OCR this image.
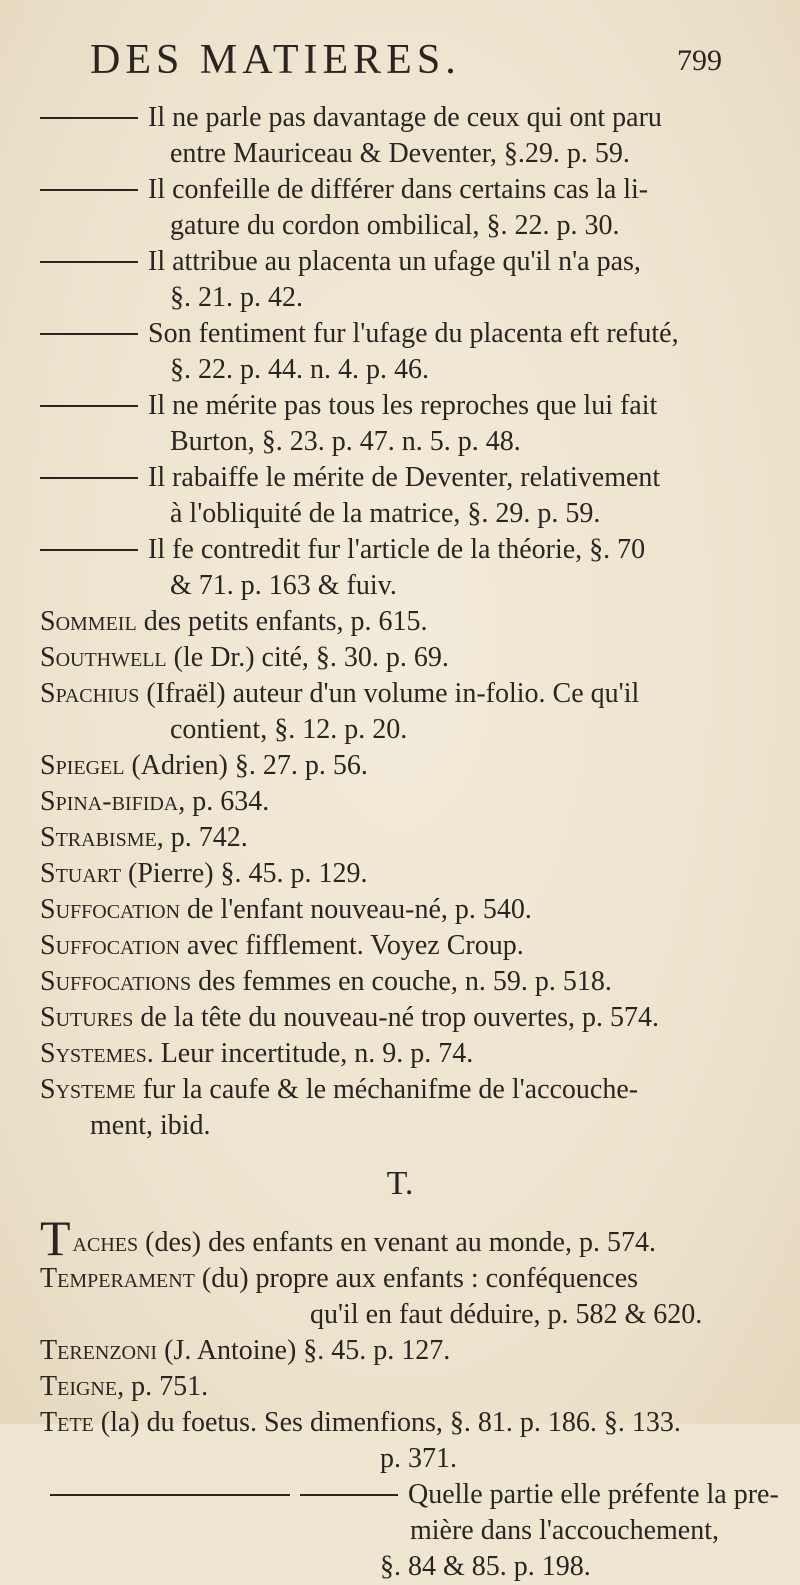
DES MATIERES.	799
Il ne parle pas davantage de ceux qui ont paru
entre Mauriceau & Deventer, §.29. p. 59.
Il confeille de différer dans certains cas la li-
gature du cordon ombilical, §. 22. p. 30.
Il attribue au placenta un ufage qu'il n'a pas,
§. 21. p. 42.
Son fentiment fur l'ufage du placenta eft refuté,
§. 22. p. 44. n. 4. p. 46.
Il ne mérite pas tous les reproches que lui fait
Burton, §. 23. p. 47. n. 5. p. 48.
Il rabaiffe le mérite de Deventer, relativement
à l'obliquité de la matrice, §. 29. p. 59.
Il fe contredit fur l'article de la théorie, §. 70
& 71. p. 163 & fuiv.
Sommeil des petits enfants, p. 615.
Southwell (le Dr.) cité, §. 30. p. 69.
Spachius (Ifraël) auteur d'un volume in-folio. Ce qu'il
contient, §. 12. p. 20.
Spiegel (Adrien) §. 27. p. 56.
Spina-bifida, p. 634.
Strabisme, p. 742.
Stuart (Pierre) §. 45. p. 129.
Suffocation de l'enfant nouveau-né, p. 540.
Suffocation avec fifflement. Voyez Croup.
Suffocations des femmes en couche, n. 59. p. 518.
Sutures de la tête du nouveau-né trop ouvertes, p. 574.
Systemes. Leur incertitude, n. 9. p. 74.
Systeme fur la caufe & le méchanifme de l'accouche-
ment, ibid.
T.
Taches (des) des enfants en venant au monde, p. 574.
Temperament (du) propre aux enfants : conféquences
qu'il en faut déduire, p. 582 & 620.
Terenzoni (J. Antoine) §. 45. p. 127.
Teigne, p. 751.
Tete (la) du foetus. Ses dimenfions, §. 81. p. 186. §. 133.
p. 371.
Quelle partie elle préfente la pre-
mière dans l'accouchement,
§. 84 & 85. p. 198.
